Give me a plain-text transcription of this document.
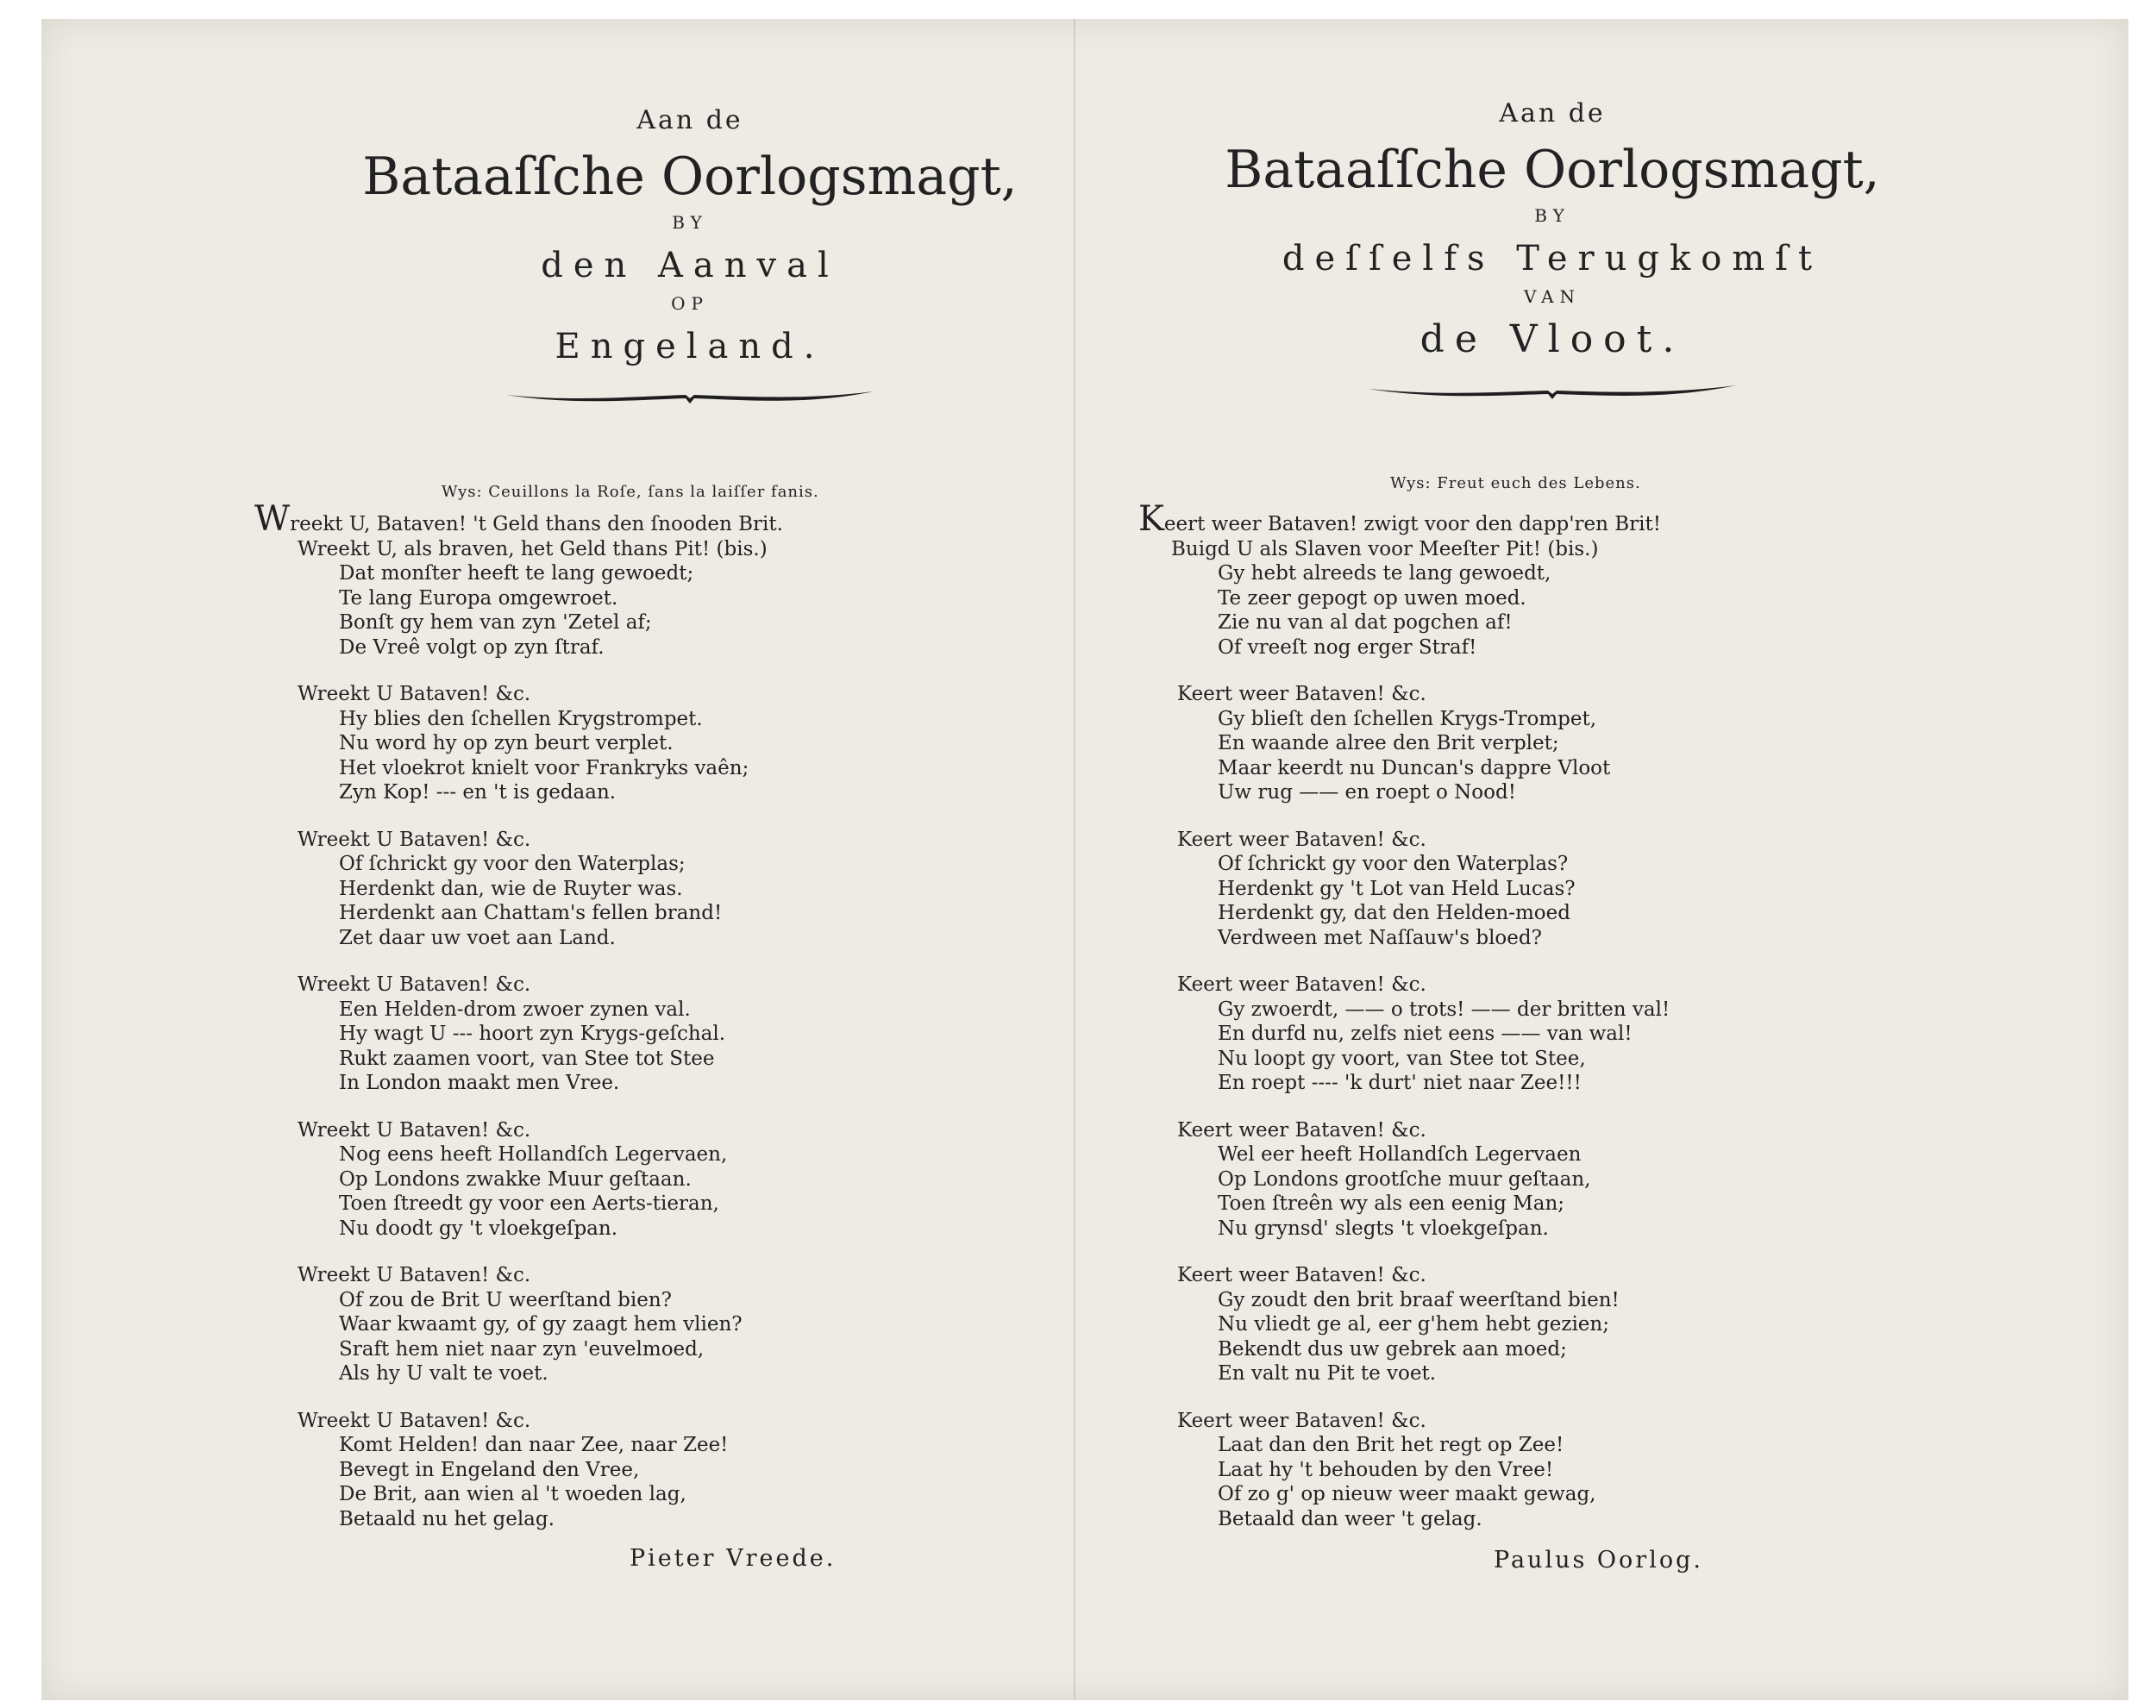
Aan de

Bataaſſche Oorlogsmagt,

BY

den Aanval

OP

Engeland.

Wys: Ceuillons la Roſe, ſans la laiſſer fanis.
Wreekt U, Bataven! 't Geld thans den ſnooden Brit.
Wreekt U, als braven, het Geld thans Pit! (bis.)
Dat monſter heeft te lang gewoedt;
Te lang Europa omgewroet.
Bonſt gy hem van zyn 'Zetel af;
De Vreê volgt op zyn ſtraf.
Wreekt U Bataven! &c.
Hy blies den ſchellen Krygstrompet.
Nu word hy op zyn beurt verplet.
Het vloekrot knielt voor Frankryks vaên;
Zyn Kop! --- en 't is gedaan.
Wreekt U Bataven! &c.
Of ſchrickt gy voor den Waterplas;
Herdenkt dan, wie de Ruyter was.
Herdenkt aan Chattam's fellen brand!
Zet daar uw voet aan Land.
Wreekt U Bataven! &c.
Een Helden-drom zwoer zynen val.
Hy wagt U --- hoort zyn Krygs-geſchal.
Rukt zaamen voort, van Stee tot Stee
In London maakt men Vree.
Wreekt U Bataven! &c.
Nog eens heeft Hollandſch Legervaen,
Op Londons zwakke Muur geſtaan.
Toen ſtreedt gy voor een Aerts-tieran,
Nu doodt gy 't vloekgeſpan.
Wreekt U Bataven! &c.
Of zou de Brit U weerſtand bien?
Waar kwaamt gy, of gy zaagt hem vlien?
Sraft hem niet naar zyn 'euvelmoed,
Als hy U valt te voet.
Wreekt U Bataven! &c.
Komt Helden! dan naar Zee, naar Zee!
Bevegt in Engeland den Vree,
De Brit, aan wien al 't woeden lag,
Betaald nu het gelag.
Pieter Vreede.

Aan de

Bataaſſche Oorlogsmagt,

BY

deſſelfs Terugkomſt

VAN

de Vloot.

Wys: Freut euch des Lebens.
Keert weer Bataven! zwigt voor den dapp'ren Brit!
Buigd U als Slaven voor Meeſter Pit! (bis.)
Gy hebt alreeds te lang gewoedt,
Te zeer gepogt op uwen moed.
Zie nu van al dat pogchen af!
Of vreeſt nog erger Straf!
Keert weer Bataven! &c.
Gy blieſt den ſchellen Krygs-Trompet,
En waande alree den Brit verplet;
Maar keerdt nu Duncan's dappre Vloot
Uw rug —— en roept o Nood!
Keert weer Bataven! &c.
Of ſchrickt gy voor den Waterplas?
Herdenkt gy 't Lot van Held Lucas?
Herdenkt gy, dat den Helden-moed
Verdween met Naſſauw's bloed?
Keert weer Bataven! &c.
Gy zwoerdt, —— o trots! —— der britten val!
En durfd nu, zelfs niet eens —— van wal!
Nu loopt gy voort, van Stee tot Stee,
En roept ---- 'k durt' niet naar Zee!!!
Keert weer Bataven! &c.
Wel eer heeft Hollandſch Legervaen
Op Londons grootſche muur geſtaan,
Toen ſtreên wy als een eenig Man;
Nu grynsd' slegts 't vloekgeſpan.
Keert weer Bataven! &c.
Gy zoudt den brit braaf weerſtand bien!
Nu vliedt ge al, eer g'hem hebt gezien;
Bekendt dus uw gebrek aan moed;
En valt nu Pit te voet.
Keert weer Bataven! &c.
Laat dan den Brit het regt op Zee!
Laat hy 't behouden by den Vree!
Of zo g' op nieuw weer maakt gewag,
Betaald dan weer 't gelag.
Paulus Oorlog.
